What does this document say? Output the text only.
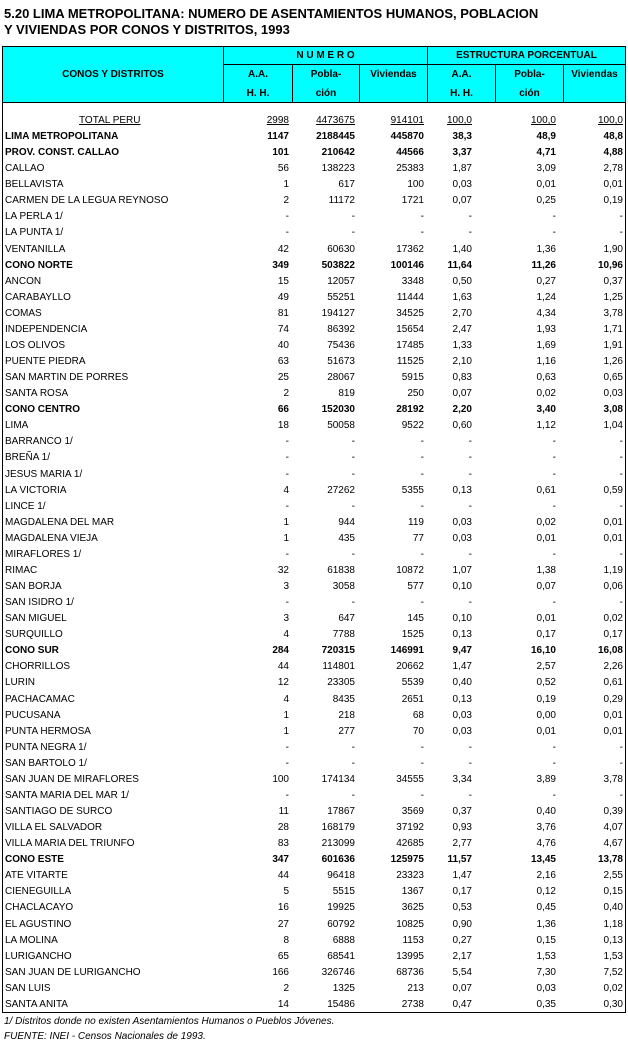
5.20 LIMA METROPOLITANA: NUMERO DE ASENTAMIENTOS HUMANOS, POBLACION
Y VIVIENDAS POR CONOS Y DISTRITOS, 1993
CONOS Y DISTRITOS
N U M E R O	ESTRUCTURA PORCENTUAL
A.A.
H. H.
Pobla-
ción
Viviendas	A.A.
H. H.
Pobla-
ción
Viviendas
TOTAL PERU	2998	4473675	914101 100,0	100,0	100,0
LIMA METROPOLITANA	1147	2188445	445870	38,3	48,9	48,8
PROV. CONST. CALLAO	101	210642	44566	3,37	4,71	4,88
CALLAO	56	138223	25383	1,87	3,09	2,78
BELLAVISTA	1	617	100	0,03	0,01	0,01
CARMEN DE LA LEGUA REYNOSO	2	11172	1721	0,07	0,25	0,19
LA PERLA 1/	-	-	-	-	-	-
LA PUNTA 1/	-	-	-	-	-	-
VENTANILLA	42	60630	17362	1,40	1,36	1,90
CONO NORTE	349	503822	100146 11,64	11,26	10,96
ANCON	15	12057	3348	0,50	0,27	0,37
CARABAYLLO	49	55251	11444	1,63	1,24	1,25
COMAS	81	194127	34525	2,70	4,34	3,78
INDEPENDENCIA	74	86392	15654	2,47	1,93	1,71
LOS OLIVOS	40	75436	17485	1,33	1,69	1,91
PUENTE PIEDRA	63	51673	11525	2,10	1,16	1,26
SAN MARTIN DE PORRES	25	28067	5915	0,83	0,63	0,65
SANTA ROSA	2	819	250	0,07	0,02	0,03
CONO CENTRO	66	152030	28192	2,20	3,40	3,08
LIMA	18	50058	9522	0,60	1,12	1,04
BARRANCO 1/	-	-	-	-	-	-
BREÑA 1/	-	-	-	-	-	-
JESUS MARIA 1/	-	-	-	-	-	-
LA VICTORIA	4	27262	5355	0,13	0,61	0,59
LINCE 1/	-	-	-	-	-	-
MAGDALENA DEL MAR	1	944	119	0,03	0,02	0,01
MAGDALENA VIEJA	1	435	77	0,03	0,01	0,01
MIRAFLORES 1/	-	-	-	-	-	-
RIMAC	32	61838	10872	1,07	1,38	1,19
SAN BORJA	3	3058	577	0,10	0,07	0,06
SAN ISIDRO 1/	-	-	-	-	-	-
SAN MIGUEL	3	647	145	0,10	0,01	0,02
SURQUILLO	4	7788	1525	0,13	0,17	0,17
CONO SUR	284	720315	146991	9,47	16,10	16,08
CHORRILLOS	44	114801	20662	1,47	2,57	2,26
LURIN	12	23305	5539	0,40	0,52	0,61
PACHACAMAC	4	8435	2651	0,13	0,19	0,29
PUCUSANA	1	218	68	0,03	0,00	0,01
PUNTA HERMOSA	1	277	70	0,03	0,01	0,01
PUNTA NEGRA 1/	-	-	-	-	-	-
SAN BARTOLO 1/	-	-	-	-	-	-
SAN JUAN DE MIRAFLORES	100	174134	34555	3,34	3,89	3,78
SANTA MARIA DEL MAR 1/	-	-	-	-	-	-
SANTIAGO DE SURCO	11	17867	3569	0,37	0,40	0,39
VILLA EL SALVADOR	28	168179	37192	0,93	3,76	4,07
VILLA MARIA DEL TRIUNFO	83	213099	42685	2,77	4,76	4,67
CONO ESTE	347	601636	125975 11,57	13,45	13,78
ATE VITARTE	44	96418	23323	1,47	2,16	2,55
CIENEGUILLA	5	5515	1367	0,17	0,12	0,15
CHACLACAYO	16	19925	3625	0,53	0,45	0,40
EL AGUSTINO	27	60792	10825	0,90	1,36	1,18
LA MOLINA	8	6888	1153	0,27	0,15	0,13
LURIGANCHO	65	68541	13995	2,17	1,53	1,53
SAN JUAN DE LURIGANCHO	166	326746	68736	5,54	7,30	7,52
SAN LUIS	2	1325	213	0,07	0,03	0,02
SANTA ANITA	14	15486	2738	0,47	0,35	0,30
1/ Distritos donde no existen Asentamientos Humanos o Pueblos Jóvenes.
FUENTE: INEI - Censos Nacionales de 1993.
